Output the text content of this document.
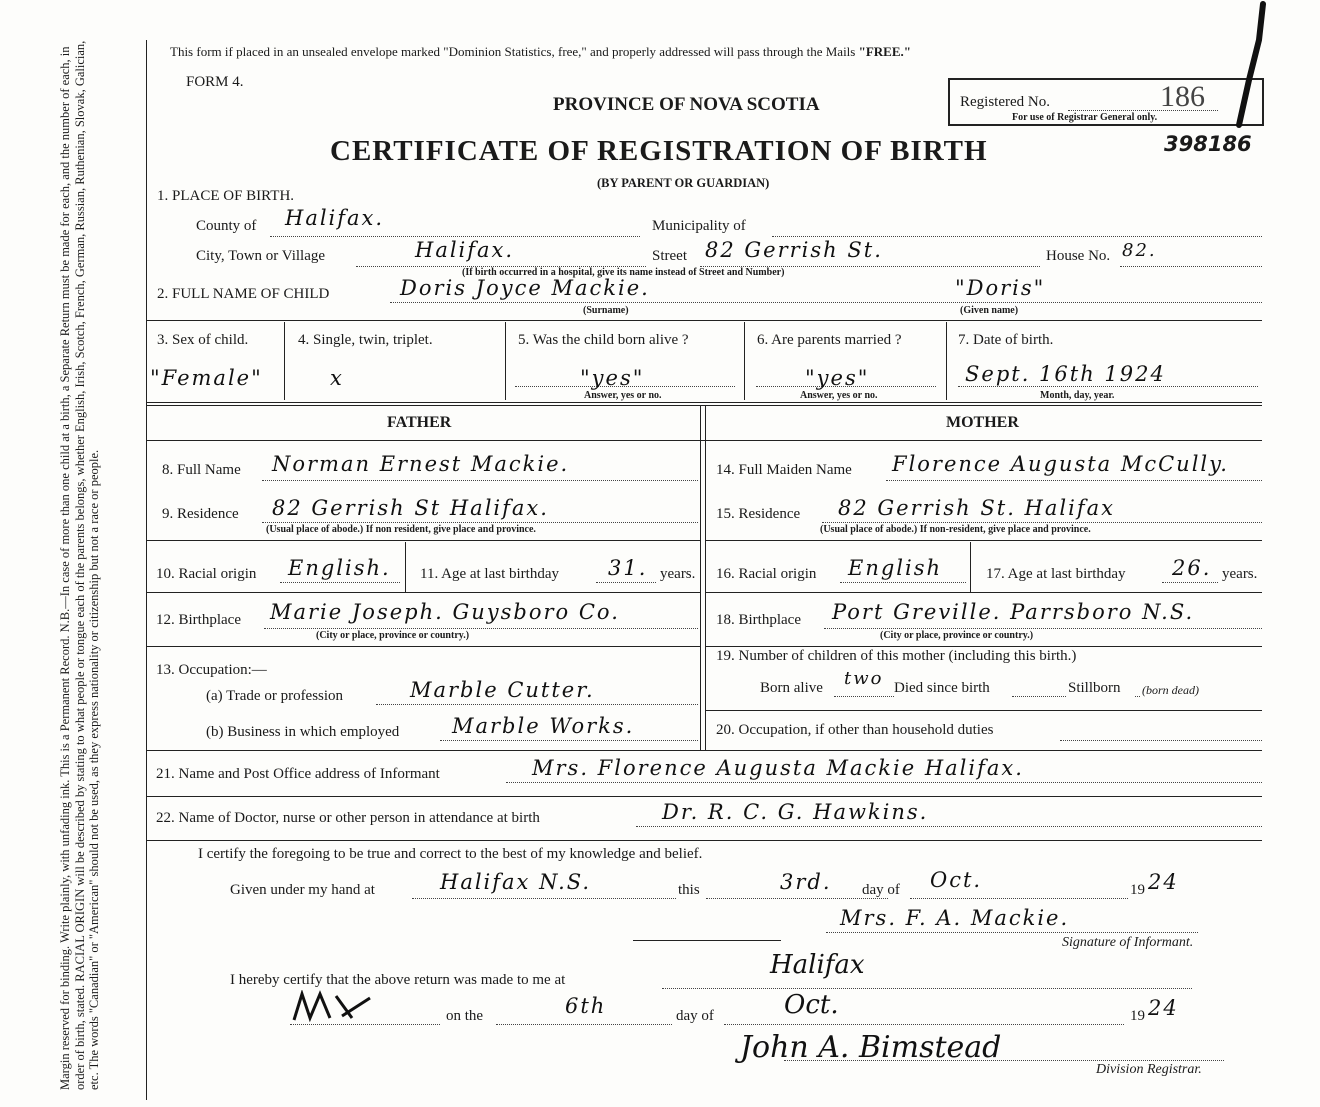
Margin reserved for binding. Write plainly, with unfading ink. This is a Permanent Record. N.B.—In case of more than one child at a birth, a Separate Return must be made for each, and the number of each, in order of birth, stated. RACIAL ORIGIN will be described by stating to what people or tongue each of the parents belongs, whether English, Irish, Scotch, French, German, Russian, Ruthenian, Slovak, Galician, etc. The words "Canadian" or "American" should not be used, as they express nationality or citizenship but not a race or people.
This form if placed in an unsealed envelope marked "Dominion Statistics, free," and properly addressed will pass through the Mails "FREE."
FORM 4.
PROVINCE OF NOVA SCOTIA
CERTIFICATE OF REGISTRATION OF BIRTH
(BY PARENT OR GUARDIAN)
Registered No.	186
For use of Registrar General only.
398186
1. PLACE OF BIRTH.
County of Halifax.	Municipality of
City, Town or Village	Halifax.	Street 82 Gerrish St.	House No. 82.
(If birth occurred in a hospital, give its name instead of Street and Number)
2. FULL NAME OF CHILD	Doris Joyce Mackie.	"Doris"
(Surname)	(Given name)
3. Sex of child.
"Female"
4. Single, twin, triplet.
x
5. Was the child born alive ?
"yes"
Answer, yes or no.
6. Are parents married ?
"yes"
Answer, yes or no.
7. Date of birth.
Sept. 16th 1924
Month, day, year.
FATHER	MOTHER
8. Full Name Norman Ernest Mackie.
9. Residence 82 Gerrish St Halifax.
(Usual place of abode.) If non resident, give place and province.
10. Racial origin English. 11. Age at last birthday 31. years.
12. Birthplace Marie Joseph. Guysboro Co.
(City or place, province or country.)
13. Occupation:—
(a) Trade or profession	Marble Cutter.
(b) Business in which employed	Marble Works.
14. Full Maiden Name Florence Augusta McCully.
15. Residence 82 Gerrish St. Halifax
(Usual place of abode.) If non-resident, give place and province.
16. Racial origin English	17. Age at last birthday 26. years.
18. Birthplace Port Greville. Parrsboro N.S.
(City or place, province or country.)
19. Number of children of this mother (including this birth.)
Born alive two Died since birth	Stillborn (born dead)
20. Occupation, if other than household duties
21. Name and Post Office address of Informant	Mrs. Florence Augusta Mackie Halifax.
22. Name of Doctor, nurse or other person in attendance at birth	Dr. R. C. G. Hawkins.
I certify the foregoing to be true and correct to the best of my knowledge and belief.
Given under my hand at	Halifax N.S.	this	3rd. day of Oct.	19 24
Mrs. F. A. Mackie.
Signature of Informant.
I hereby certify that the above return was made to me at	Halifax
on the	6th	day of	Oct.	19 24
John A. Bimstead
Division Registrar.
